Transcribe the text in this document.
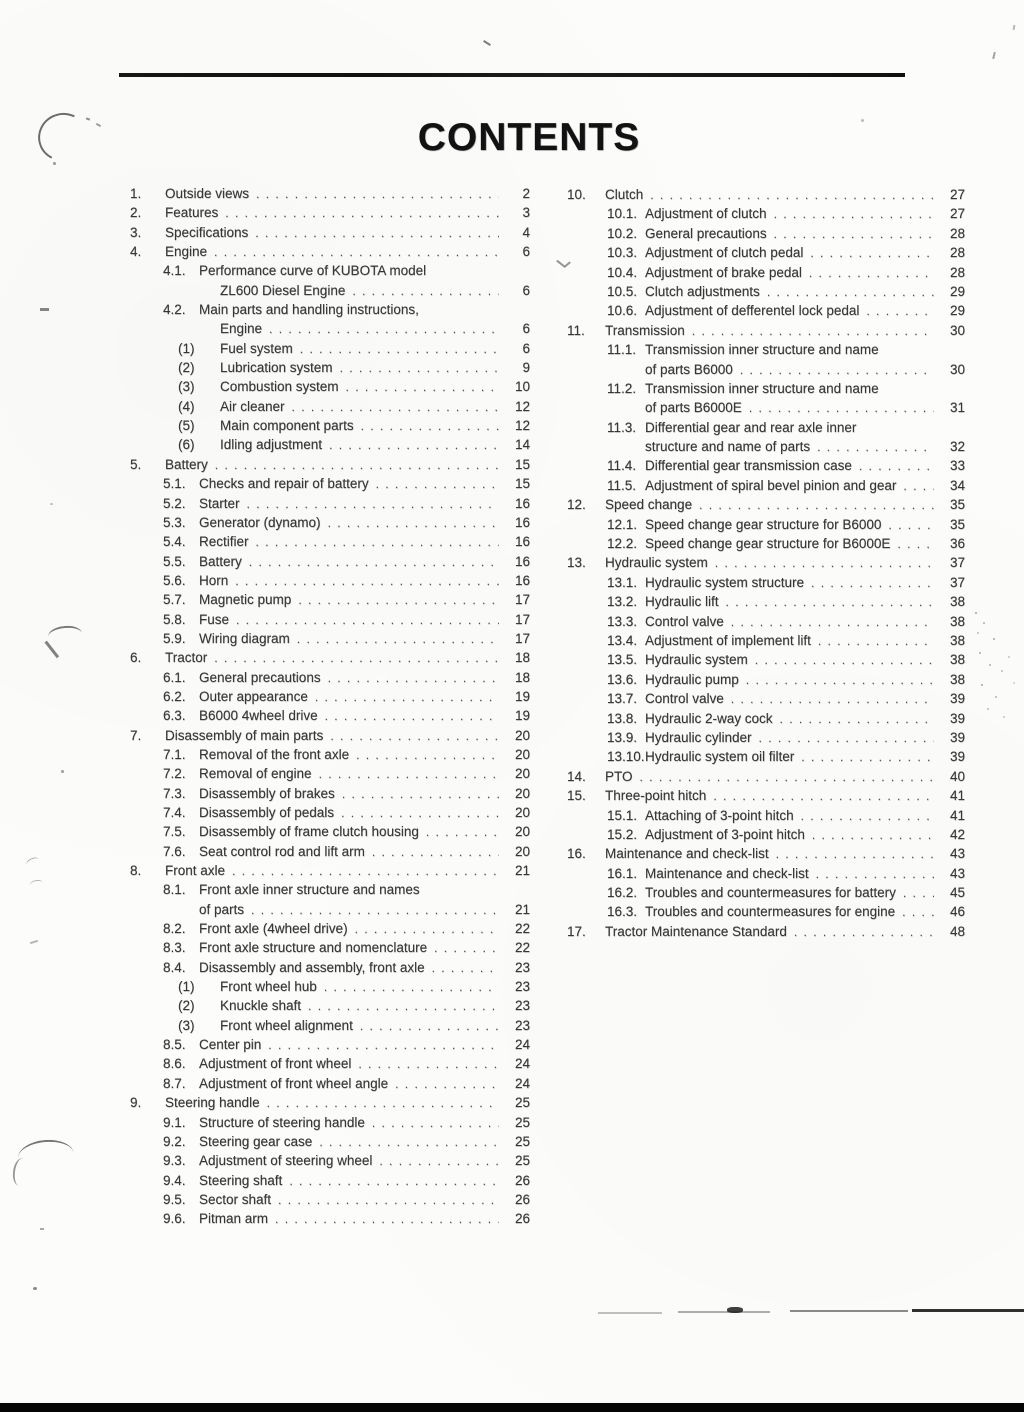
CONTENTS
1.	Outside views . . .	2
2.	Features . . .	3
3.	Specifications . . .	4
4.	Engine . . .	6
4.1. Performance curve of KUBOTA model
ZL600 Diesel Engine . . .	6
4.2. Main parts and handling instructions,
Engine . . .	6
(1)	Fuel system . . .	6
(2)	Lubrication system . . .	9
(3)	Combustion system . . .	10
(4)	Air cleaner . . .	12
(5)	Main component parts . . .	12
(6)	Idling adjustment . . .	14
5.	Battery . . .	15
5.1. Checks and repair of battery . . .	15
5.2. Starter . . .	16
5.3. Generator (dynamo) . . .	16
5.4. Rectifier . . .	16
5.5. Battery . . .	16
5.6. Horn . . .	16
5.7. Magnetic pump . . .	17
5.8. Fuse . . .	17
5.9. Wiring diagram . . .	17
6.	Tractor . . .	18
6.1. General precautions . . .	18
6.2. Outer appearance . . .	19
6.3. B6000 4wheel drive . . .	19
7.	Disassembly of main parts . . .	20
7.1. Removal of the front axle . . .	20
7.2. Removal of engine . . .	20
7.3. Disassembly of brakes . . .	20
7.4. Disassembly of pedals . . .	20
7.5. Disassembly of frame clutch housing . . .	20
7.6. Seat control rod and lift arm . . .	20
8.	Front axle . . .	21
8.1. Front axle inner structure and names
of parts . . .	21
8.2. Front axle (4wheel drive) . . .	22
8.3. Front axle structure and nomenclature . . .	22
8.4. Disassembly and assembly, front axle . . .	23
(1)	Front wheel hub . . .	23
(2)	Knuckle shaft . . .	23
(3)	Front wheel alignment . . .	23
8.5. Center pin . . .	24
8.6. Adjustment of front wheel . . .	24
8.7. Adjustment of front wheel angle . . .	24
9.	Steering handle . . .	25
9.1. Structure of steering handle . . .	25
9.2. Steering gear case . . .	25
9.3. Adjustment of steering wheel . . .	25
9.4. Steering shaft . . .	26
9.5. Sector shaft . . .	26
9.6. Pitman arm . . .	26
10.	Clutch . . .	27
10.1. Adjustment of clutch . . .	27
10.2. General precautions . . .	28
10.3. Adjustment of clutch pedal . . .	28
10.4. Adjustment of brake pedal . . .	28
10.5. Clutch adjustments . . .	29
10.6. Adjustment of defferentel lock pedal . . .	29
11.	Transmission . . .	30
11.1. Transmission inner structure and name
of parts B6000 . . .	30
11.2. Transmission inner structure and name
of parts B6000E . . .	31
11.3. Differential gear and rear axle inner
structure and name of parts . . .	32
11.4. Differential gear transmission case . . .	33
11.5. Adjustment of spiral bevel pinion and gear . . .	34
12.	Speed change . . .	35
12.1. Speed change gear structure for B6000 . . .	35
12.2. Speed change gear structure for B6000E . . .	36
13.	Hydraulic system . . .	37
13.1. Hydraulic system structure . . .	37
13.2. Hydraulic lift . . .	38
13.3. Control valve . . .	38
13.4. Adjustment of implement lift . . .	38
13.5. Hydraulic system . . .	38
13.6. Hydraulic pump . . .	38
13.7. Control valve . . .	39
13.8. Hydraulic 2-way cock . . .	39
13.9. Hydraulic cylinder . . .	39
13.10. Hydraulic system oil filter . . .	39
14.	PTO . . .	40
15.	Three-point hitch . . .	41
15.1. Attaching of 3-point hitch . . .	41
15.2. Adjustment of 3-point hitch . . .	42
16.	Maintenance and check-list . . .	43
16.1. Maintenance and check-list . . .	43
16.2. Troubles and countermeasures for battery . . .	45
16.3. Troubles and countermeasures for engine . . .	46
17.	Tractor Maintenance Standard . . .	48
